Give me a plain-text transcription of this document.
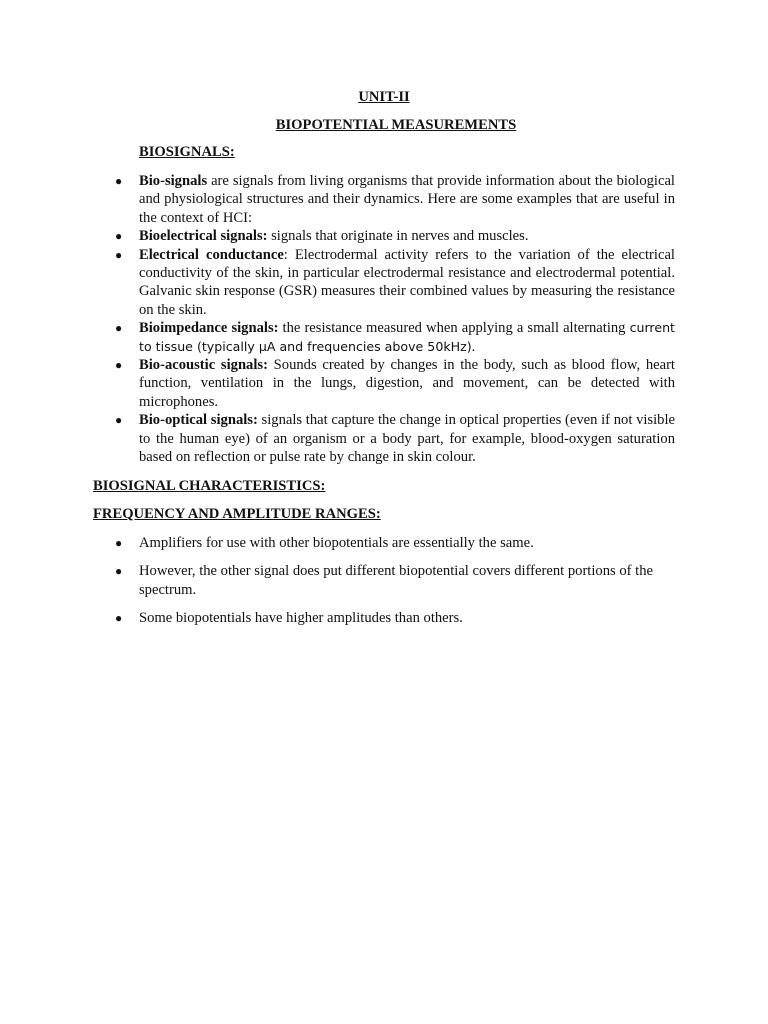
UNIT-II
BIOPOTENTIAL MEASUREMENTS
BIOSIGNALS:
● Bio-signals are signals from living organisms that provide information about the biological and physiological structures and their dynamics. Here are some examples that are useful in the context of HCI:
● Bioelectrical signals: signals that originate in nerves and muscles.
● Electrical conductance: Electrodermal activity refers to the variation of the electrical conductivity of the skin, in particular electrodermal resistance and electrodermal potential. Galvanic skin response (GSR) measures their combined values by measuring the resistance on the skin.
● Bioimpedance signals: the resistance measured when applying a small alternating current to tissue (typically µA and frequencies above 50kHz).
● Bio-acoustic signals: Sounds created by changes in the body, such as blood flow, heart function, ventilation in the lungs, digestion, and movement, can be detected with microphones.
● Bio-optical signals: signals that capture the change in optical properties (even if not visible to the human eye) of an organism or a body part, for example, blood-oxygen saturation based on reflection or pulse rate by change in skin colour.
BIOSIGNAL CHARACTERISTICS:
FREQUENCY AND AMPLITUDE RANGES:
● Amplifiers for use with other biopotentials are essentially the same.
● However, the other signal does put different biopotential covers different portions of the spectrum.
● Some biopotentials have higher amplitudes than others.
